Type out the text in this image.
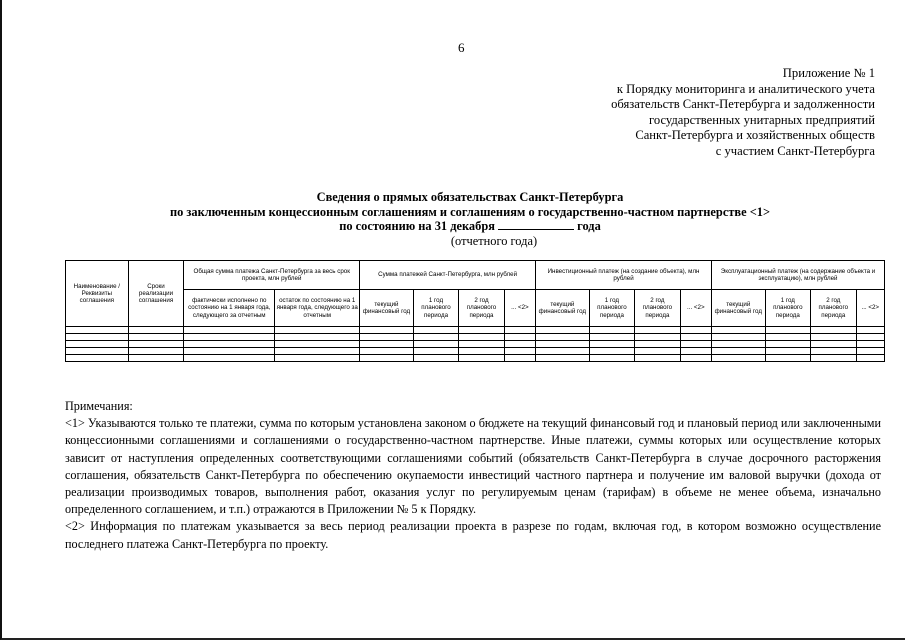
6
Приложение № 1
к Порядку мониторинга и аналитического учета
обязательств Санкт-Петербурга и задолженности
государственных унитарных предприятий
Санкт-Петербурга и хозяйственных обществ
с участием Санкт-Петербурга
Сведения о прямых обязательствах Санкт-Петербурга
по заключенным концессионным соглашениям и соглашениям о государственно-частном партнерстве <1>
по состоянию на 31 декабря	года
(отчетного года)
Наименование /Реквизиты соглашения	Сроки реализации соглашения	Общая сумма платежа Санкт-Петербурга за весь срок проекта, млн рублей		Сумма платежей Санкт-Петербурга, млн рублей				Инвестиционный платеж (на создание объекта), млн рублей				Эксплуатационный платеж (на содержание объекта и эксплуатацию), млн рублей			
		фактически исполнено по состоянию на 1 января года, следующего за отчетным	остаток по состоянию на 1 января года, следующего за отчетным	текущий финансовый год	1 год планового периода	2 год планового периода	... <2>	текущий финансовый год	1 год планового периода	2 год планового периода	... <2>	текущий финансовый год	1 год планового периода	2 год планового периода	... <2>

Примечания:

<1> Указываются только те платежи, сумма по которым установлена законом о бюджете на текущий финансовый год и плановый период или заключенными концессионными соглашениями и соглашениями о государственно-частном партнерстве. Иные платежи, суммы которых или осуществление которых зависит от наступления определенных соответствующими соглашениями событий (обязательств Санкт-Петербурга в случае досрочного расторжения соглашения, обязательств Санкт-Петербурга по обеспечению окупаемости инвестиций частного партнера и получение им валовой выручки (дохода от реализации производимых товаров, выполнения работ, оказания услуг по регулируемым ценам (тарифам) в объеме не менее объема, изначально определенного соглашением, и т.п.) отражаются в Приложении № 5 к Порядку.

<2> Информация по платежам указывается за весь период реализации проекта в разрезе по годам, включая год, в котором возможно осуществление последнего платежа Санкт-Петербурга по проекту.
